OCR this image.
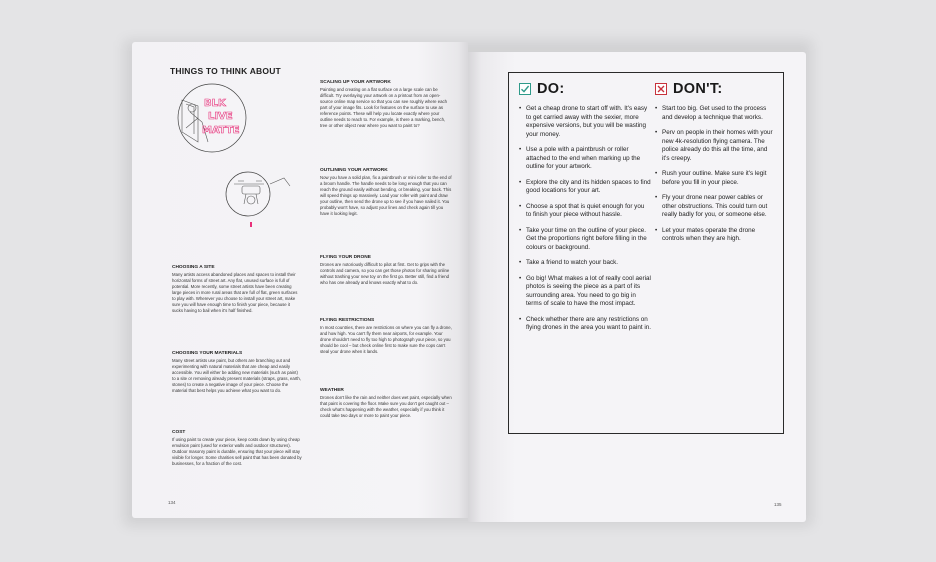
THINGS TO THINK ABOUT
BLK
LIVE
MATTE
CHOOSING A SITE

Many artists access abandoned places and spaces to install their horizontal forms of street art. Any flat, unused surface is full of potential. More recently, some street artists have been creating large pieces in more rural areas that are full of flat, green surfaces to play with. Wherever you choose to install your street art, make sure you will have enough time to finish your piece, because it sucks having to bail when it's half finished.

CHOOSING YOUR MATERIALS

Many street artists use paint, but others are branching out and experimenting with natural materials that are cheap and easily accessible. You will either be adding new materials (such as paint) to a site or removing already present materials (straps, grass, earth, stones) to create a negative image of your piece. Choose the material that best helps you achieve what you want to do.

COST

If using paint to create your piece, keep costs down by using cheap emulsion paint (used for exterior walls and outdoor structures). Outdoor masonry paint is durable, ensuring that your piece will stay visible for longer. Some charities sell paint that has been donated by businesses, for a fraction of the cost.

SCALING UP YOUR ARTWORK

Painting and creating on a flat surface on a large scale can be difficult. Try overlaying your artwork on a printout from an open-source online map service so that you can see roughly where each part of your image fits. Look for features on the surface to use as reference points. These will help you locate exactly where your outline needs to reach to. For example, is there a marking, bench, tree or other object near where you want to paint to?

OUTLINING YOUR ARTWORK

Now you have a solid plan, fix a paintbrush or mini roller to the end of a broom handle. The handle needs to be long enough that you can reach the ground easily without bending, or breaking, your back. This will speed things up massively. Load your roller with paint and draw your outline, then send the drone up to see if you have nailed it. You probably won't have, so adjust your lines and check again till you have it looking legit.

FLYING YOUR DRONE

Drones are notoriously difficult to pilot at first. Get to grips with the controls and camera, so you can get those photos for sharing online without trashing your new toy on the first go. Better still, find a friend who has one already and knows exactly what to do.

FLYING RESTRICTIONS

In most countries, there are restrictions on where you can fly a drone, and how high. You can't fly them near airports, for example. Your drone shouldn't need to fly too high to photograph your piece, so you should be cool – but check online first to make sure the cops can't steal your drone when it lands.

WEATHER

Drones don't like the rain and neither does wet paint, especially when that paint is covering the floor. Make sure you don't get caught out – check what's happening with the weather, especially if you think it could take two days or more to paint your piece.

134
DO:	DON'T:
• Get a cheap drone to start off with. It's easy to get carried away with the sexier, more expensive versions, but you will be wasting your money.
• Use a pole with a paintbrush or roller attached to the end when marking up the outline for your artwork.
• Explore the city and its hidden spaces to find good locations for your art.
• Choose a spot that is quiet enough for you to finish your piece without hassle.
• Take your time on the outline of your piece. Get the proportions right before filling in the colours or background.
• Take a friend to watch your back.
• Go big! What makes a lot of really cool aerial photos is seeing the piece as a part of its surrounding area. You need to go big in terms of scale to have the most impact.
• Check whether there are any restrictions on flying drones in the area you want to paint in.
• Start too big. Get used to the process and develop a technique that works.
• Perv on people in their homes with your new 4k-resolution flying camera. The police already do this all the time, and it's creepy.
• Rush your outline. Make sure it's legit before you fill in your piece.
• Fly your drone near power cables or other obstructions. This could turn out really badly for you, or someone else.
• Let your mates operate the drone controls when they are high.
135
